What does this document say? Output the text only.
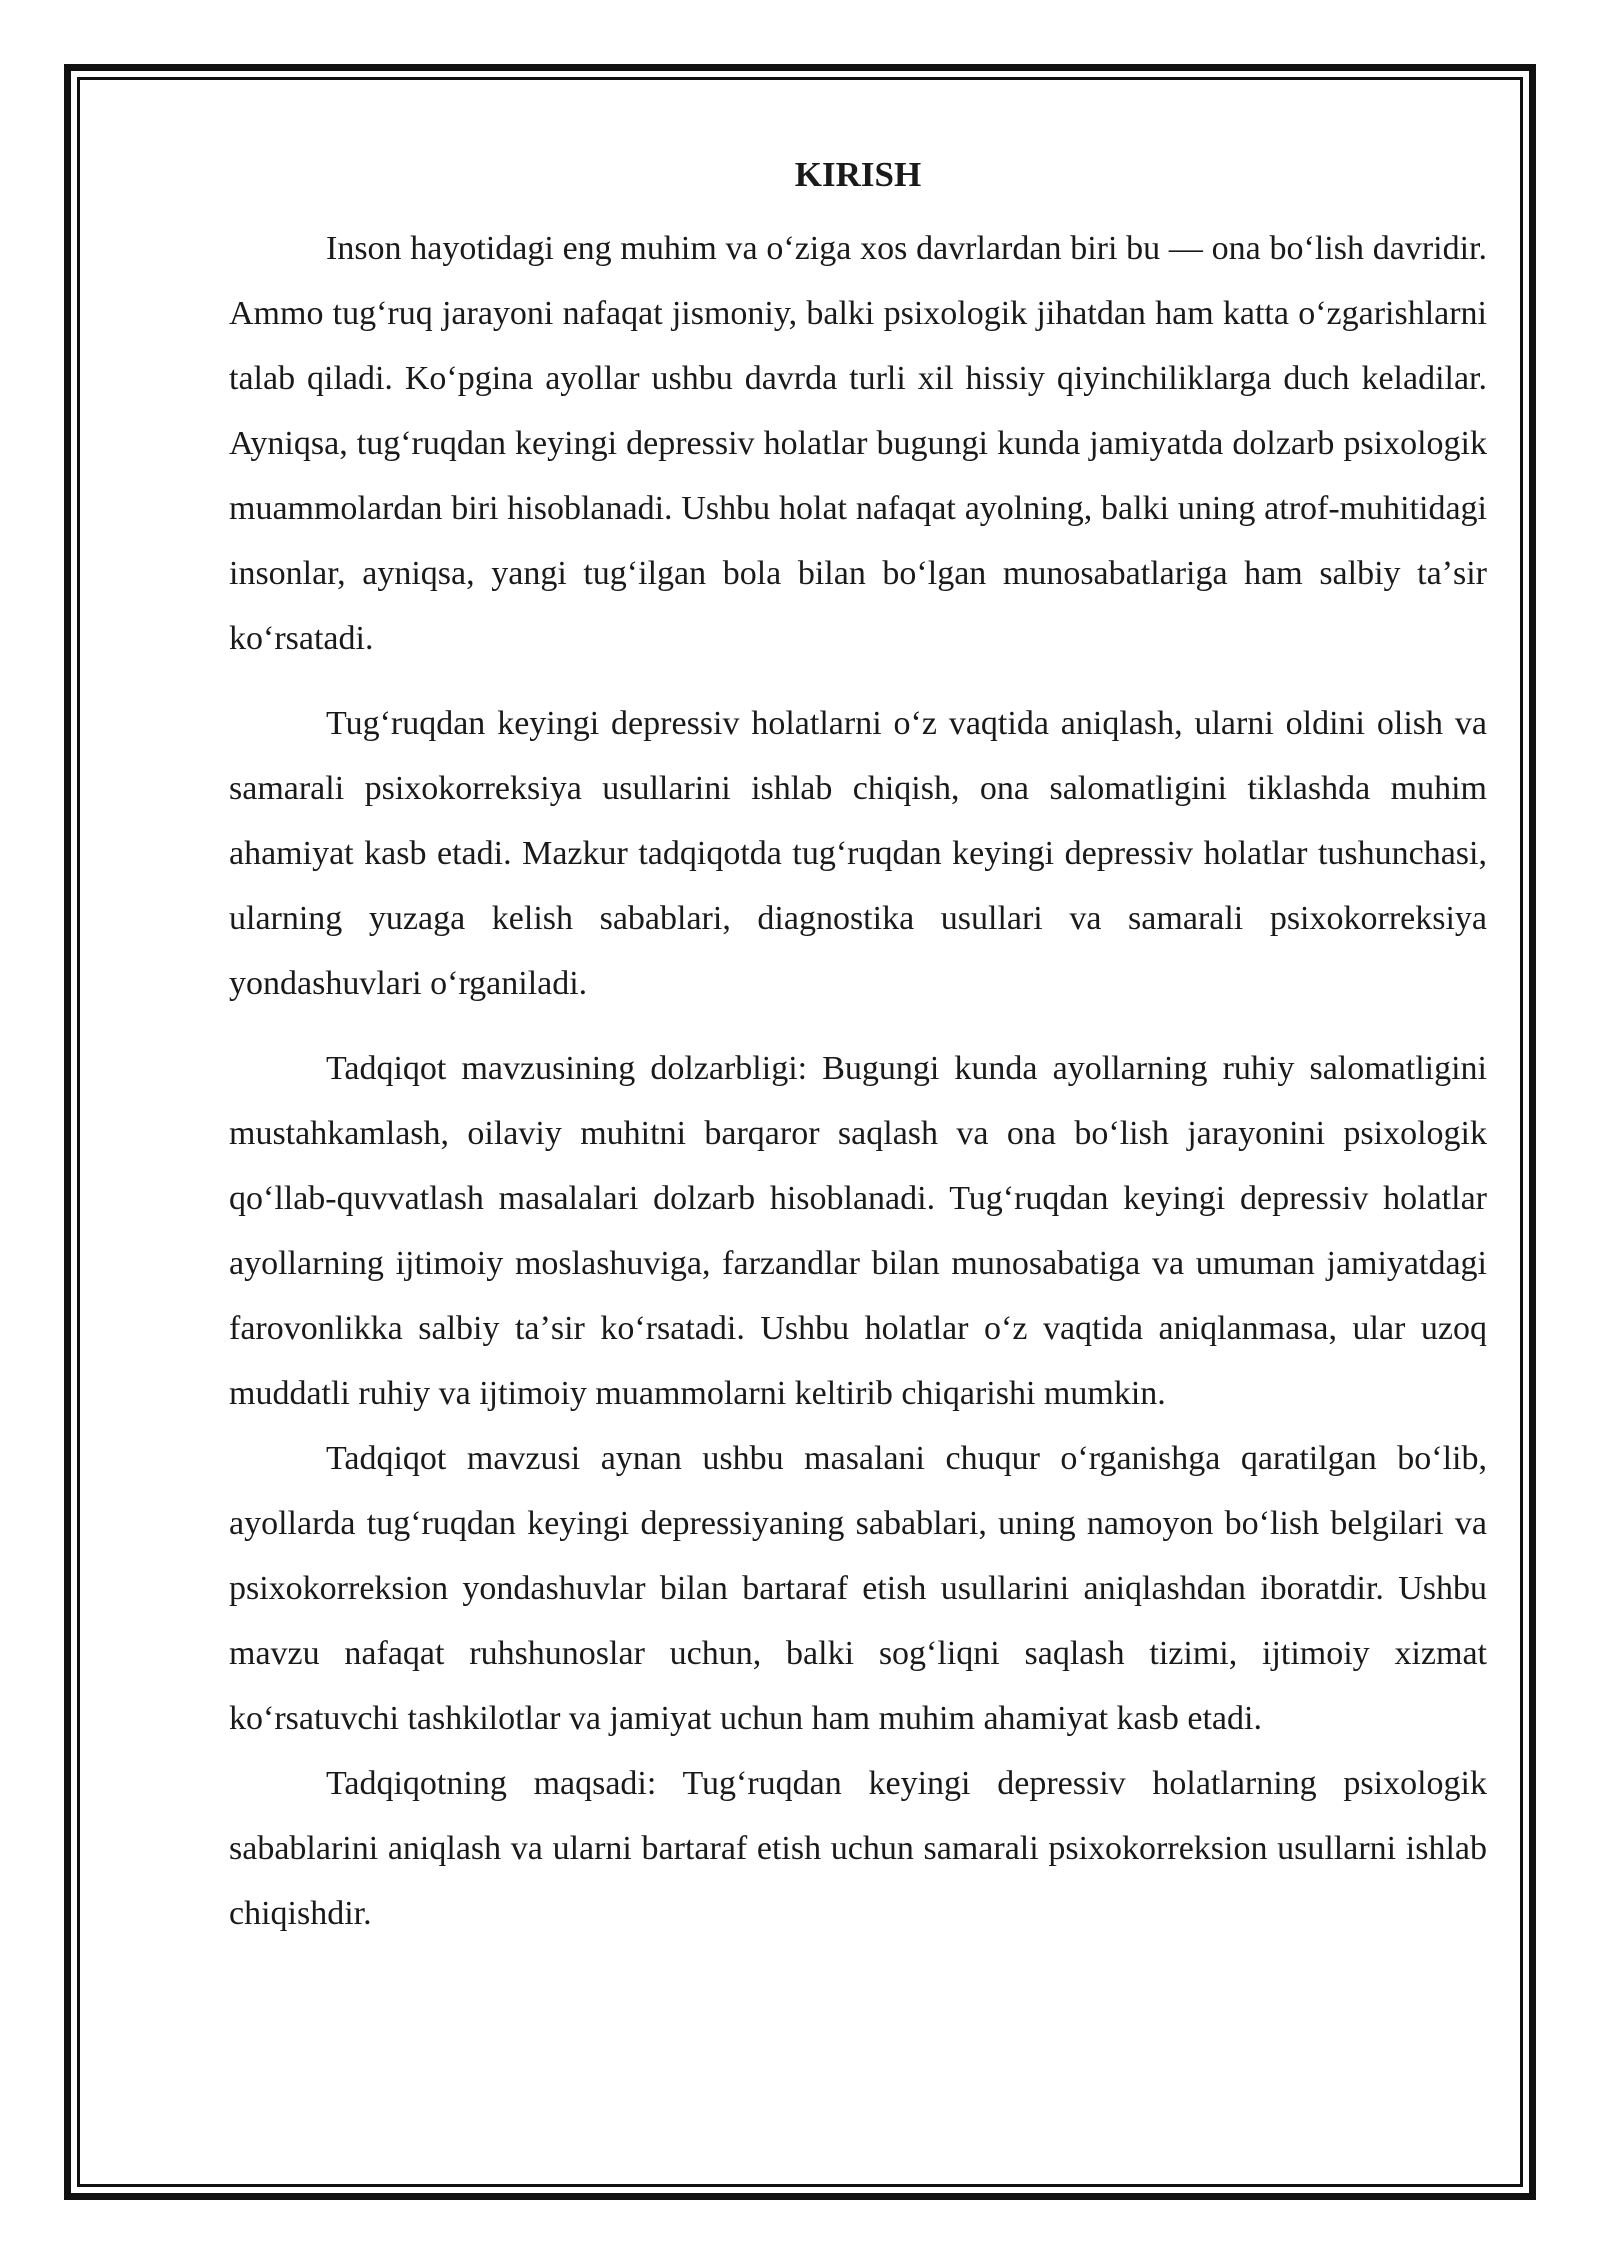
KIRISH

Inson hayotidagi eng muhim va oʻziga xos davrlardan biri bu — ona boʻlish davridir. Ammo tugʻruq jarayoni nafaqat jismoniy, balki psixologik jihatdan ham katta oʻzgarishlarni talab qiladi. Koʻpgina ayollar ushbu davrda turli xil hissiy qiyinchiliklarga duch keladilar. Ayniqsa, tugʻruqdan keyingi depressiv holatlar bugungi kunda jamiyatda dolzarb psixologik muammolardan biri hisoblanadi. Ushbu holat nafaqat ayolning, balki uning atrof-muhitidagi insonlar, ayniqsa, yangi tugʻilgan bola bilan boʻlgan munosabatlariga ham salbiy taʼsir koʻrsatadi.

Tugʻruqdan keyingi depressiv holatlarni oʻz vaqtida aniqlash, ularni oldini olish va samarali psixokorreksiya usullarini ishlab chiqish, ona salomatligini tiklashda muhim ahamiyat kasb etadi. Mazkur tadqiqotda tugʻruqdan keyingi depressiv holatlar tushunchasi, ularning yuzaga kelish sabablari, diagnostika usullari va samarali psixokorreksiya yondashuvlari oʻrganiladi.

Tadqiqot mavzusining dolzarbligi: Bugungi kunda ayollarning ruhiy salomatligini mustahkamlash, oilaviy muhitni barqaror saqlash va ona boʻlish jarayonini psixologik qoʻllab-quvvatlash masalalari dolzarb hisoblanadi. Tugʻruqdan keyingi depressiv holatlar ayollarning ijtimoiy moslashuviga, farzandlar bilan munosabatiga va umuman jamiyatdagi farovonlikka salbiy taʼsir koʻrsatadi. Ushbu holatlar oʻz vaqtida aniqlanmasa, ular uzoq muddatli ruhiy va ijtimoiy muammolarni keltirib chiqarishi mumkin.

Tadqiqot mavzusi aynan ushbu masalani chuqur oʻrganishga qaratilgan boʻlib, ayollarda tugʻruqdan keyingi depressiyaning sabablari, uning namoyon boʻlish belgilari va psixokorreksion yondashuvlar bilan bartaraf etish usullarini aniqlashdan iboratdir. Ushbu mavzu nafaqat ruhshunoslar uchun, balki sogʻliqni saqlash tizimi, ijtimoiy xizmat koʻrsatuvchi tashkilotlar va jamiyat uchun ham muhim ahamiyat kasb etadi.

Tadqiqotning maqsadi: Tugʻruqdan keyingi depressiv holatlarning psixologik sabablarini aniqlash va ularni bartaraf etish uchun samarali psixokorreksion usullarni ishlab chiqishdir.
